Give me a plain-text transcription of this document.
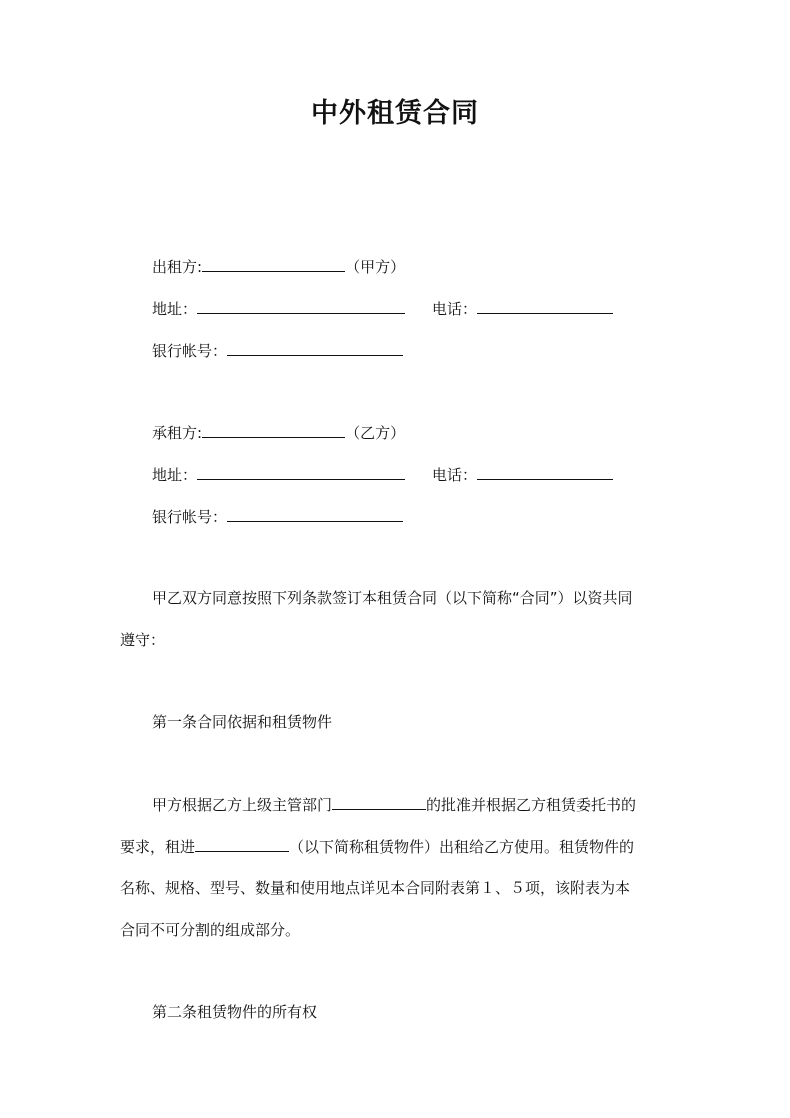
中外租赁合同
出租方:	（甲方）
地址：	电话：
银行帐号：
承租方:	（乙方）
地址：	电话：
银行帐号：
甲乙双方同意按照下列条款签订本租赁合同（以下简称“合同”）以资共同
遵守：
第一条合同依据和租赁物件
甲方根据乙方上级主管部门	的批准并根据乙方租赁委托书的
要求，租进	（以下简称租赁物件）出租给乙方使用。租赁物件的
名称、规格、型号、数量和使用地点详见本合同附表第１、５项，该附表为本
合同不可分割的组成部分。
第二条租赁物件的所有权
